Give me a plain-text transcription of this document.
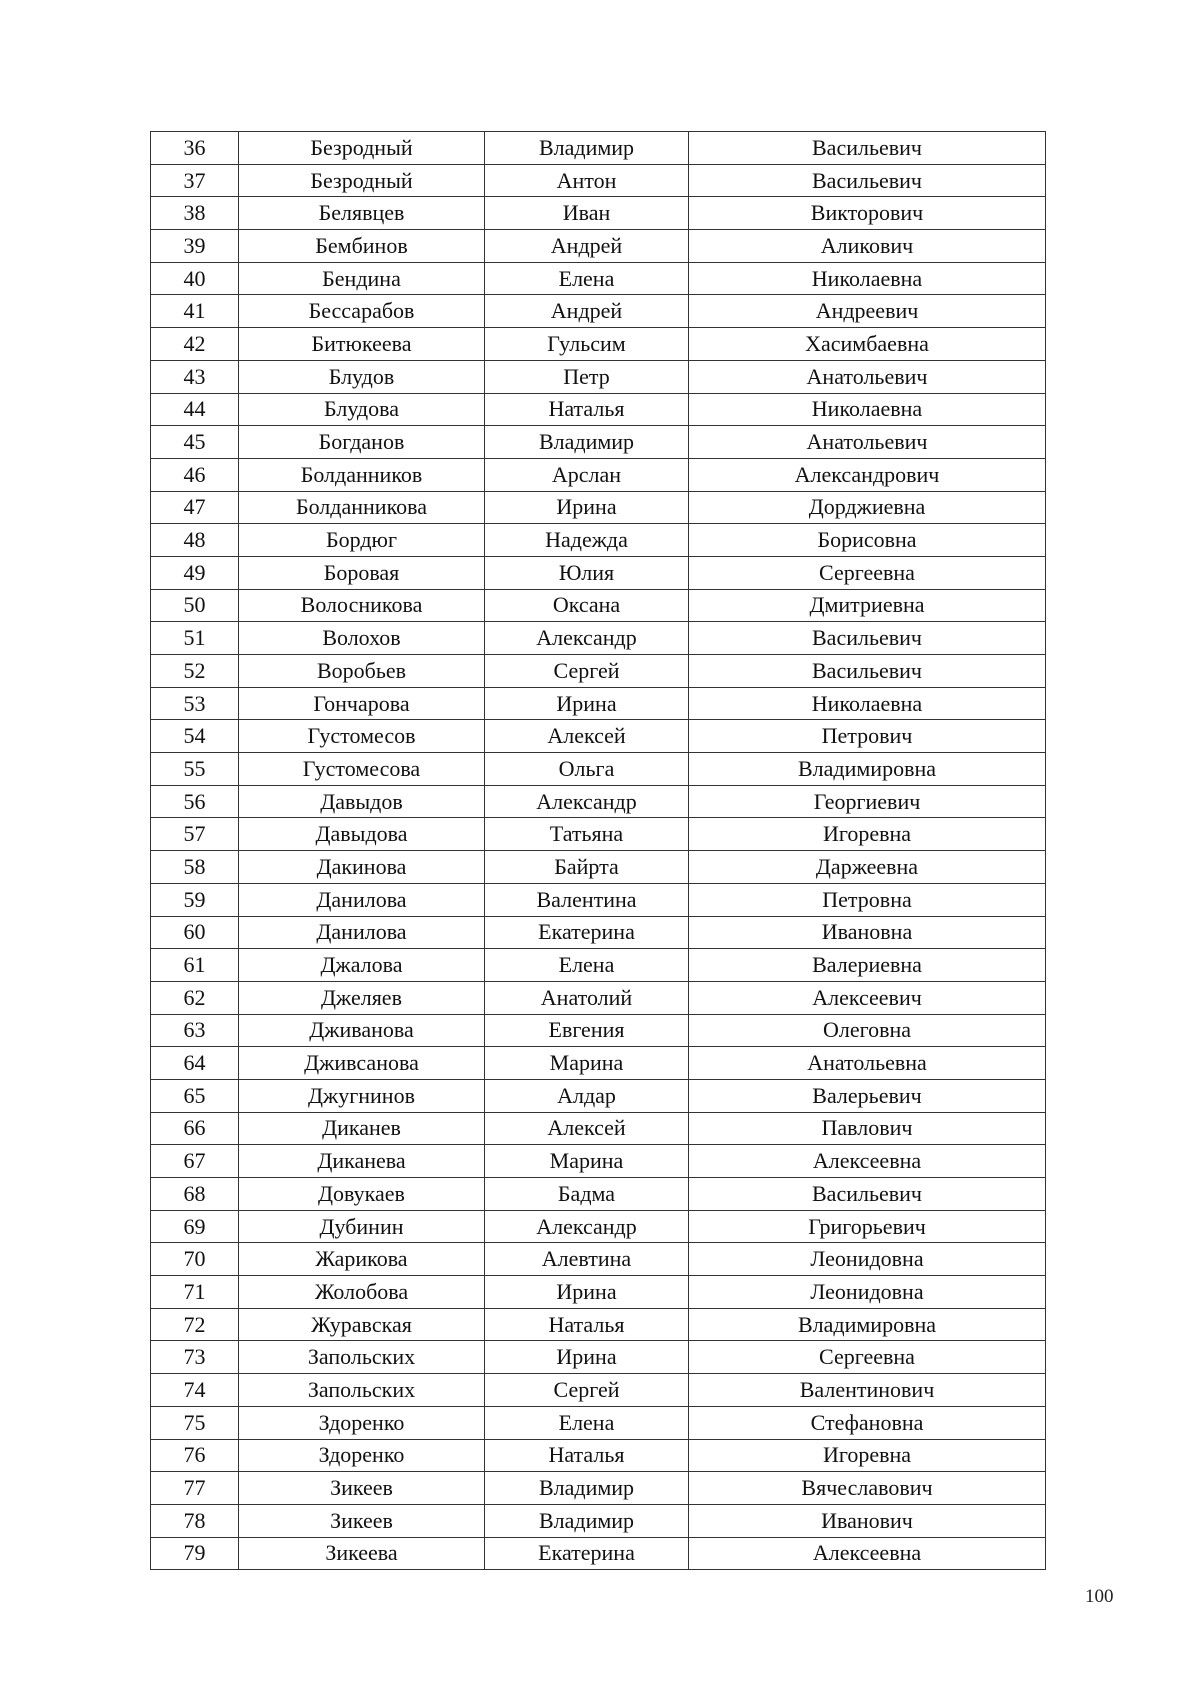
36	Безродный	Владимир	Васильевич
37	Безродный	Антон	Васильевич
38	Белявцев	Иван	Викторович
39	Бембинов	Андрей	Аликович
40	Бендина	Елена	Николаевна
41	Бессарабов	Андрей	Андреевич
42	Битюкеева	Гульсим	Хасимбаевна
43	Блудов	Петр	Анатольевич
44	Блудова	Наталья	Николаевна
45	Богданов	Владимир	Анатольевич
46	Болданников	Арслан	Александрович
47	Болданникова	Ирина	Дорджиевна
48	Бордюг	Надежда	Борисовна
49	Боровая	Юлия	Сергеевна
50	Волосникова	Оксана	Дмитриевна
51	Волохов	Александр	Васильевич
52	Воробьев	Сергей	Васильевич
53	Гончарова	Ирина	Николаевна
54	Густомесов	Алексей	Петрович
55	Густомесова	Ольга	Владимировна
56	Давыдов	Александр	Георгиевич
57	Давыдова	Татьяна	Игоревна
58	Дакинова	Байрта	Даржеевна
59	Данилова	Валентина	Петровна
60	Данилова	Екатерина	Ивановна
61	Джалова	Елена	Валериевна
62	Джеляев	Анатолий	Алексеевич
63	Дживанова	Евгения	Олеговна
64	Дживсанова	Марина	Анатольевна
65	Джугнинов	Алдар	Валерьевич
66	Диканев	Алексей	Павлович
67	Диканева	Марина	Алексеевна
68	Довукаев	Бадма	Васильевич
69	Дубинин	Александр	Григорьевич
70	Жарикова	Алевтина	Леонидовна
71	Жолобова	Ирина	Леонидовна
72	Журавская	Наталья	Владимировна
73	Запольских	Ирина	Сергеевна
74	Запольских	Сергей	Валентинович
75	Здоренко	Елена	Стефановна
76	Здоренко	Наталья	Игоревна
77	Зикеев	Владимир	Вячеславович
78	Зикеев	Владимир	Иванович
79	Зикеева	Екатерина	Алексеевна
100
